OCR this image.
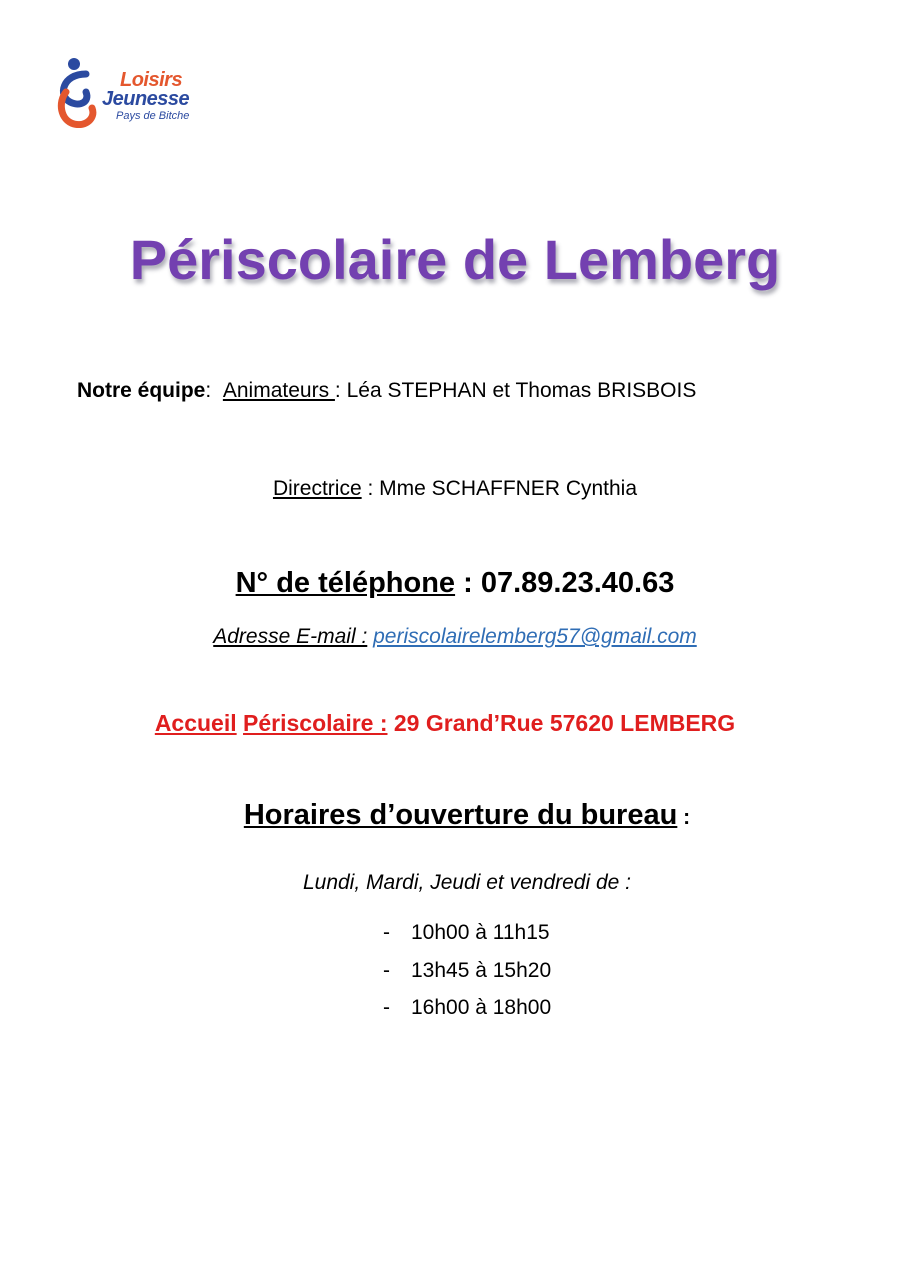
Loisirs
Jeunesse
Pays de Bitche
Périscolaire de Lemberg
Notre équipe: Animateurs : Léa STEPHAN et Thomas BRISBOIS
Directrice : Mme SCHAFFNER Cynthia
N° de téléphone : 07.89.23.40.63
Adresse E-mail : periscolairelemberg57@gmail.com
Accueil Périscolaire : 29 Grand’Rue 57620 LEMBERG
Horaires d’ouverture du bureau :
Lundi, Mardi, Jeudi et vendredi de :
- 10h00 à 11h15
- 13h45 à 15h20
- 16h00 à 18h00
